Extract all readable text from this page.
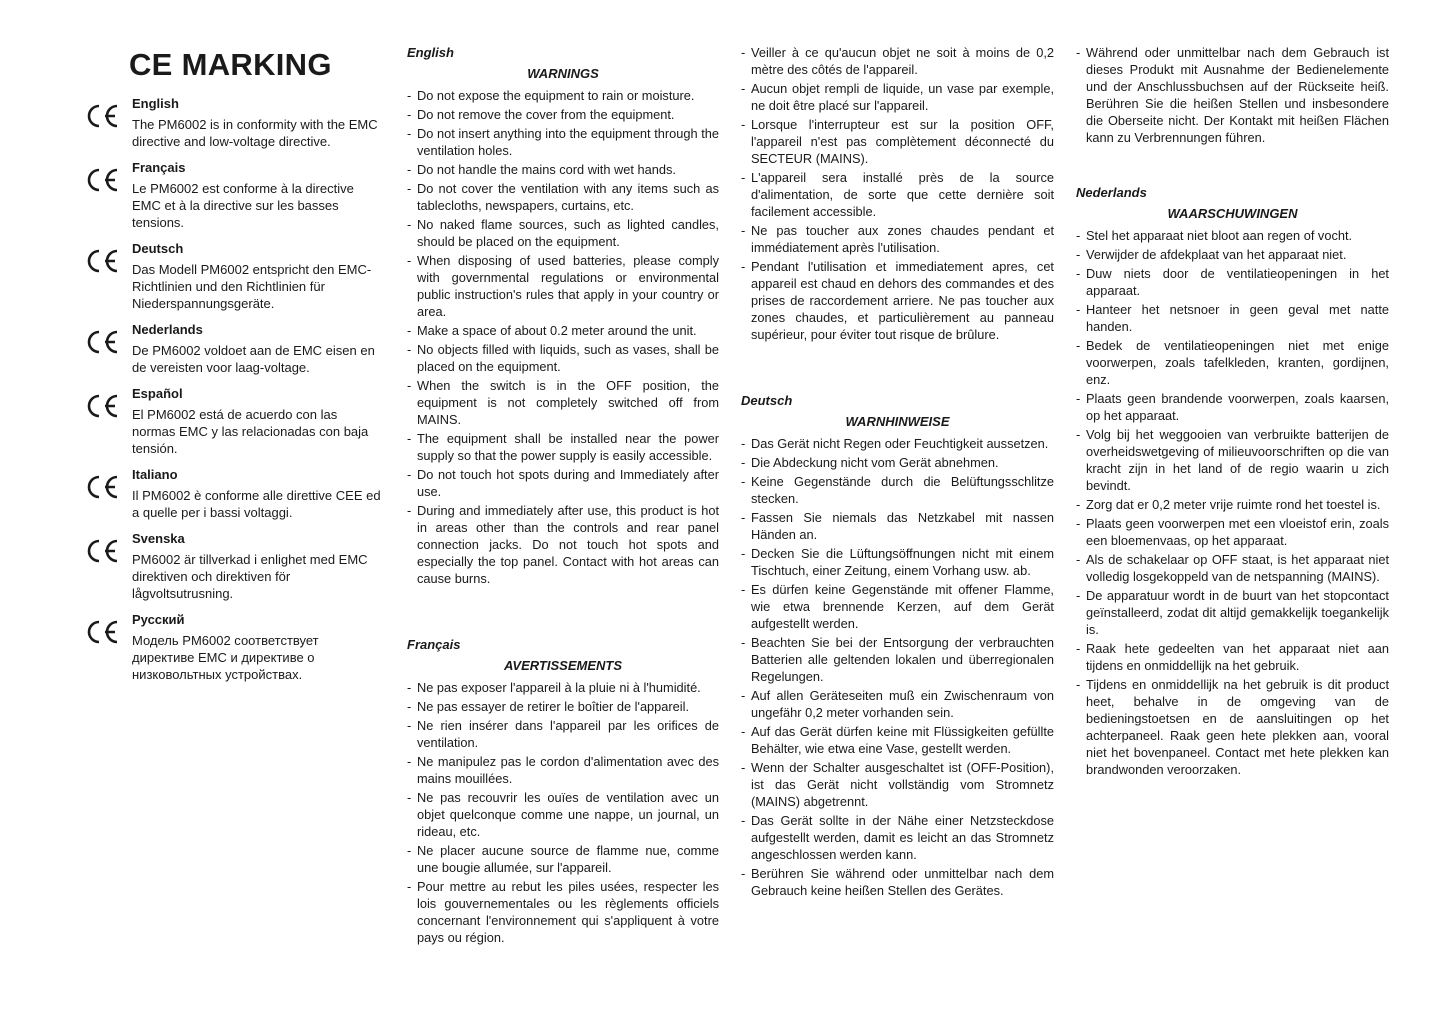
CE MARKING
English
The PM6002 is in conformity with the EMC directive and low-voltage directive.
Français
Le PM6002 est conforme à la directive EMC et à la directive sur les basses tensions.
Deutsch
Das Modell PM6002 entspricht den EMC-Richtlinien und den Richtlinien für Niederspannungsgeräte.
Nederlands
De PM6002 voldoet aan de EMC eisen en de vereisten voor laag-voltage.
Español
El PM6002 está de acuerdo con las normas EMC y las relacionadas con baja tensión.
Italiano
Il PM6002 è conforme alle direttive CEE ed a quelle per i bassi voltaggi.
Svenska
PM6002 är tillverkad i enlighet med EMC direktiven och direktiven för lågvoltsutrusning.
Русский
Модель PM6002 соответствует директиве EMC и директиве о низковольтных устройствах.
English
WARNINGS
- Do not expose the equipment to rain or moisture.
- Do not remove the cover from the equipment.
- Do not insert anything into the equipment through the ventilation holes.
- Do not handle the mains cord with wet hands.
- Do not cover the ventilation with any items such as tablecloths, newspapers, curtains, etc.
- No naked flame sources, such as lighted candles, should be placed on the equipment.
- When disposing of used batteries, please comply with governmental regulations or environmental public instruction's rules that apply in your country or area.
- Make a space of about 0.2 meter around the unit.
- No objects filled with liquids, such as vases, shall be placed on the equipment.
- When the switch is in the OFF position, the equipment is not completely switched off from MAINS.
- The equipment shall be installed near the power supply so that the power supply is easily accessible.
- Do not touch hot spots during and Immediately after use.
- During and immediately after use, this product is hot in areas other than the controls and rear panel connection jacks. Do not touch hot spots and especially the top panel. Contact with hot areas can cause burns.
Français
AVERTISSEMENTS
- Ne pas exposer l'appareil à la pluie ni à l'humidité.
- Ne pas essayer de retirer le boîtier de l'appareil.
- Ne rien insérer dans l'appareil par les orifices de ventilation.
- Ne manipulez pas le cordon d'alimentation avec des mains mouillées.
- Ne pas recouvrir les ouïes de ventilation avec un objet quelconque comme une nappe, un journal, un rideau, etc.
- Ne placer aucune source de flamme nue, comme une bougie allumée, sur l'appareil.
- Pour mettre au rebut les piles usées, respecter les lois gouvernementales ou les règlements officiels concernant l'environnement qui s'appliquent à votre pays ou région.
- Veiller à ce qu'aucun objet ne soit à moins de 0,2 mètre des côtés de l'appareil.
- Aucun objet rempli de liquide, un vase par exemple, ne doit être placé sur l'appareil.
- Lorsque l'interrupteur est sur la position OFF, l'appareil n'est pas complètement déconnecté du SECTEUR (MAINS).
- L'appareil sera installé près de la source d'alimentation, de sorte que cette dernière soit facilement accessible.
- Ne pas toucher aux zones chaudes pendant et immédiatement après l'utilisation.
- Pendant l'utilisation et immediatement apres, cet appareil est chaud en dehors des commandes et des prises de raccordement arriere. Ne pas toucher aux zones chaudes, et particulièrement au panneau supérieur, pour éviter tout risque de brûlure.
Deutsch
WARNHINWEISE
- Das Gerät nicht Regen oder Feuchtigkeit aussetzen.
- Die Abdeckung nicht vom Gerät abnehmen.
- Keine Gegenstände durch die Belüftungsschlitze stecken.
- Fassen Sie niemals das Netzkabel mit nassen Händen an.
- Decken Sie die Lüftungsöffnungen nicht mit einem Tischtuch, einer Zeitung, einem Vorhang usw. ab.
- Es dürfen keine Gegenstände mit offener Flamme, wie etwa brennende Kerzen, auf dem Gerät aufgestellt werden.
- Beachten Sie bei der Entsorgung der verbrauchten Batterien alle geltenden lokalen und überregionalen Regelungen.
- Auf allen Geräteseiten muß ein Zwischenraum von ungefähr 0,2 meter vorhanden sein.
- Auf das Gerät dürfen keine mit Flüssigkeiten gefüllte Behälter, wie etwa eine Vase, gestellt werden.
- Wenn der Schalter ausgeschaltet ist (OFF-Position), ist das Gerät nicht vollständig vom Stromnetz (MAINS) abgetrennt.
- Das Gerät sollte in der Nähe einer Netzsteckdose aufgestellt werden, damit es leicht an das Stromnetz angeschlossen werden kann.
- Berühren Sie während oder unmittelbar nach dem Gebrauch keine heißen Stellen des Gerätes.
- Während oder unmittelbar nach dem Gebrauch ist dieses Produkt mit Ausnahme der Bedienelemente und der Anschlussbuchsen auf der Rückseite heiß. Berühren Sie die heißen Stellen und insbesondere die Oberseite nicht. Der Kontakt mit heißen Flächen kann zu Verbrennungen führen.
Nederlands
WAARSCHUWINGEN
- Stel het apparaat niet bloot aan regen of vocht.
- Verwijder de afdekplaat van het apparaat niet.
- Duw niets door de ventilatieopeningen in het apparaat.
- Hanteer het netsnoer in geen geval met natte handen.
- Bedek de ventilatieopeningen niet met enige voorwerpen, zoals tafelkleden, kranten, gordijnen, enz.
- Plaats geen brandende voorwerpen, zoals kaarsen, op het apparaat.
- Volg bij het weggooien van verbruikte batterijen de overheidswetgeving of milieuvoorschriften op die van kracht zijn in het land of de regio waarin u zich bevindt.
- Zorg dat er 0,2 meter vrije ruimte rond het toestel is.
- Plaats geen voorwerpen met een vloeistof erin, zoals een bloemenvaas, op het apparaat.
- Als de schakelaar op OFF staat, is het apparaat niet volledig losgekoppeld van de netspanning (MAINS).
- De apparatuur wordt in de buurt van het stopcontact geïnstalleerd, zodat dit altijd gemakkelijk toegankelijk is.
- Raak hete gedeelten van het apparaat niet aan tijdens en onmiddellijk na het gebruik.
- Tijdens en onmiddellijk na het gebruik is dit product heet, behalve in de omgeving van de bedieningstoetsen en de aansluitingen op het achterpaneel. Raak geen hete plekken aan, vooral niet het bovenpaneel. Contact met hete plekken kan brandwonden veroorzaken.
